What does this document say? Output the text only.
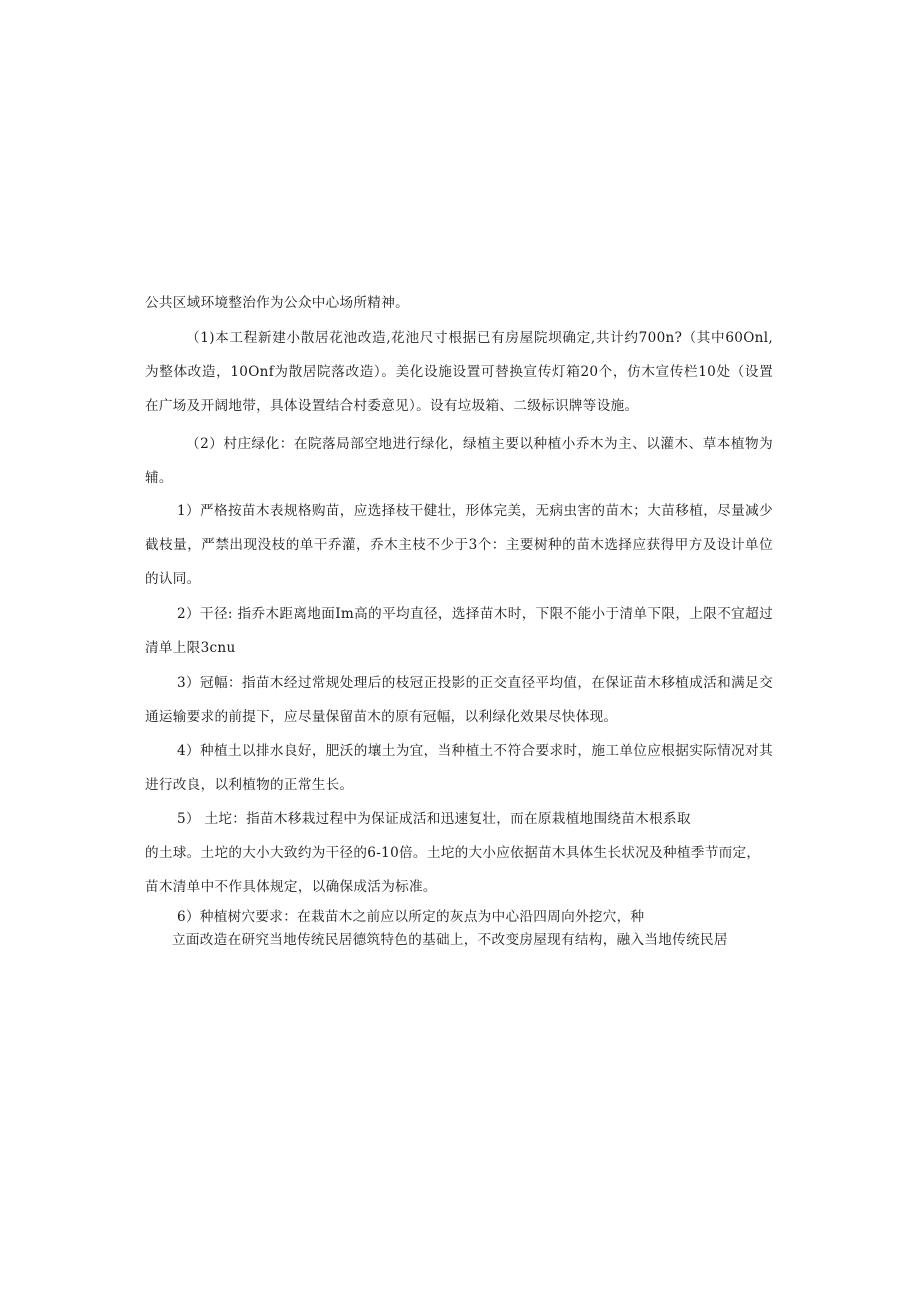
公共区域环境整治作为公众中心场所精神。

（1)本工程新建小散居花池改造,花池尺寸根据已有房屋院坝确定,共计约700n?（其中60Onl,为整体改造，10Onf为散居院落改造）。美化设施设置可替换宣传灯箱20个，仿木宣传栏10处（设置在广场及开阔地带，具体设置结合村委意见）。设有垃圾箱、二级标识牌等设施。

（2）村庄绿化：在院落局部空地进行绿化，绿植主要以种植小乔木为主、以灌木、草本植物为辅。

1）严格按苗木表规格购苗，应选择枝干健壮，形体完美，无病虫害的苗木；大苗移植，尽量减少截枝量，严禁出现没枝的单干乔灌，乔木主枝不少于3个：主要树种的苗木选择应获得甲方及设计单位的认同。

2）干径: 指乔木距离地面Im高的平均直径，选择苗木时，下限不能小于清单下限，上限不宜超过清单上限3cnu

3）冠幅：指苗木经过常规处理后的枝冠正投影的正交直径平均值，在保证苗木移植成活和满足交通运输要求的前提下，应尽量保留苗木的原有冠幅，以利绿化效果尽快体现。

4）种植土以排水良好，肥沃的壤土为宜，当种植土不符合要求时，施工单位应根据实际情况对其进行改良，以利植物的正常生长。

5） 土坨：指苗木移栽过程中为保证成活和迅速复壮，而在原栽植地围绕苗木根系取
的土球。土坨的大小大致约为干径的6-10倍。土坨的大小应依据苗木具体生长状况及种植季节而定，
苗木清单中不作具体规定，以确保成活为标准。

6）种植树穴要求：在栽苗木之前应以所定的灰点为中心沿四周向外挖穴，种

立面改造在研究当地传统民居德筑特色的基础上，不改变房屋现有结构，融入当地传统民居
